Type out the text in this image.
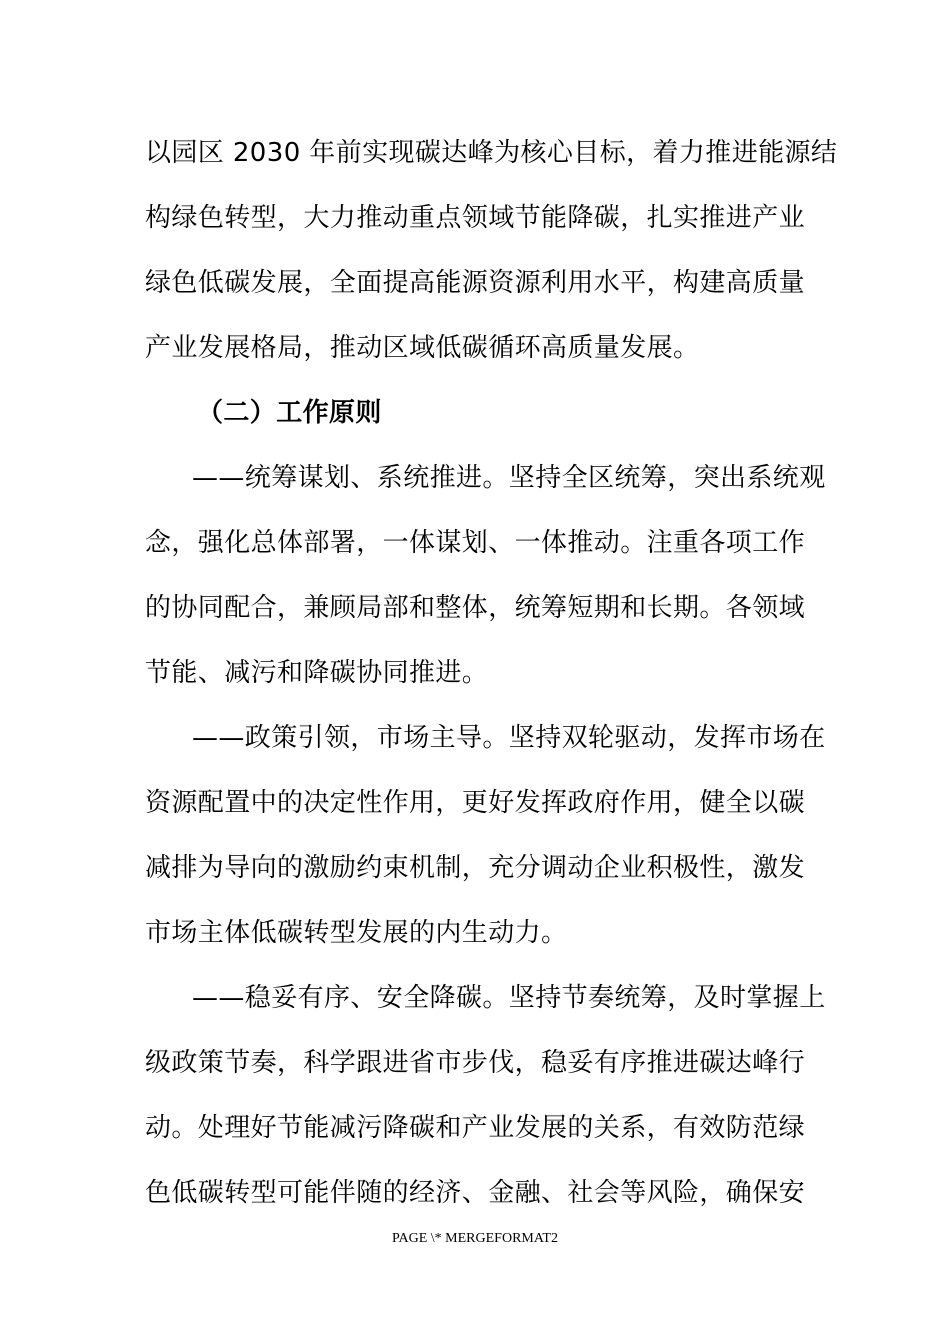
以园区 2030 年前实现碳达峰为核心目标，着力推进能源结
构绿色转型，大力推动重点领域节能降碳，扎实推进产业
绿色低碳发展，全面提高能源资源利用水平，构建高质量
产业发展格局，推动区域低碳循环高质量发展。
（二）工作原则
——统筹谋划、系统推进。坚持全区统筹，突出系统观
念，强化总体部署，一体谋划、一体推动。注重各项工作
的协同配合，兼顾局部和整体，统筹短期和长期。各领域
节能、减污和降碳协同推进。
——政策引领，市场主导。坚持双轮驱动，发挥市场在
资源配置中的决定性作用，更好发挥政府作用，健全以碳
减排为导向的激励约束机制，充分调动企业积极性，激发
市场主体低碳转型发展的内生动力。
——稳妥有序、安全降碳。坚持节奏统筹，及时掌握上
级政策节奏，科学跟进省市步伐，稳妥有序推进碳达峰行
动。处理好节能减污降碳和产业发展的关系，有效防范绿
色低碳转型可能伴随的经济、金融、社会等风险，确保安
PAGE \* MERGEFORMAT2
